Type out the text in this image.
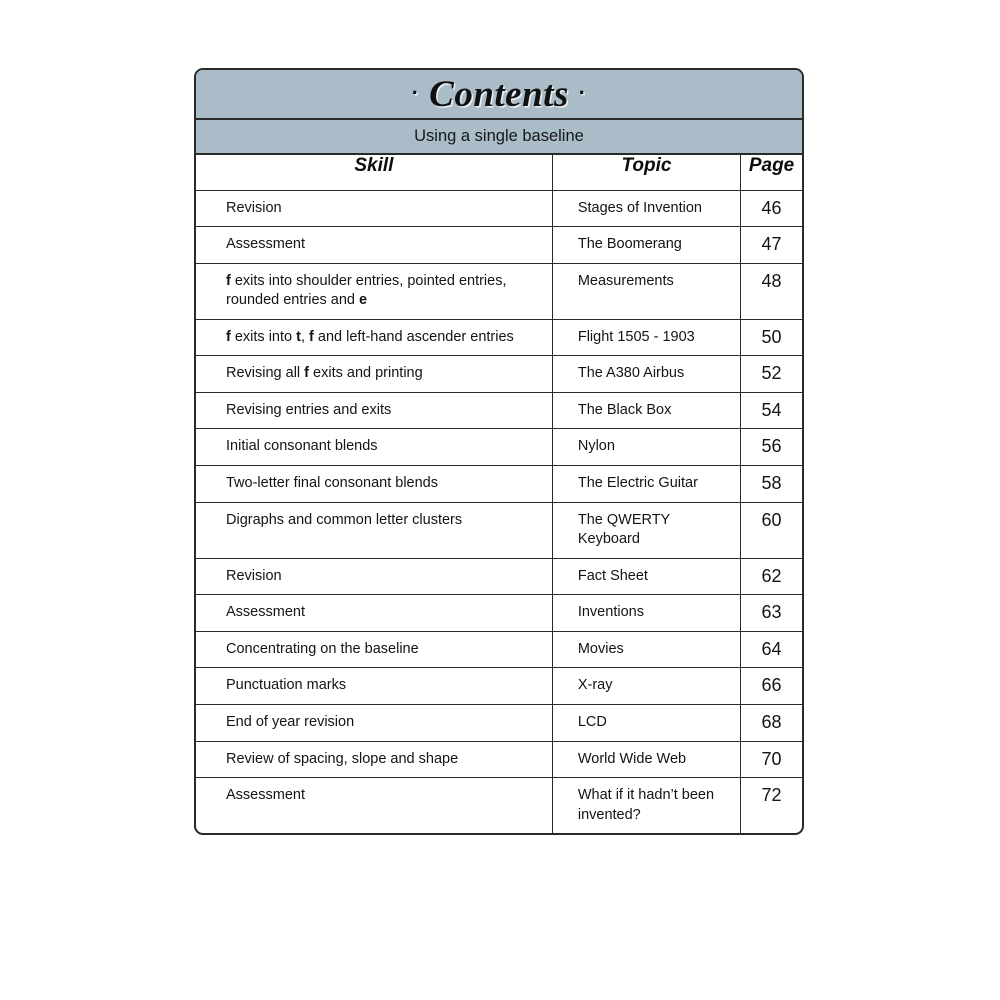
· Contents ·
Using a single baseline
Skill	Topic	Page
Revision	Stages of Invention	46
Assessment	The Boomerang	47
f exits into shoulder entries, pointed entries, rounded entries and e	Measurements	48
f exits into t, f and left-hand ascender entries	Flight 1505 - 1903	50
Revising all f exits and printing	The A380 Airbus	52
Revising entries and exits	The Black Box	54
Initial consonant blends	Nylon	56
Two-letter final consonant blends	The Electric Guitar	58
Digraphs and common letter clusters	The QWERTY Keyboard	60
Revision	Fact Sheet	62
Assessment	Inventions	63
Concentrating on the baseline	Movies	64
Punctuation marks	X-ray	66
End of year revision	LCD	68
Review of spacing, slope and shape	World Wide Web	70
Assessment	What if it hadn’t been invented?	72
